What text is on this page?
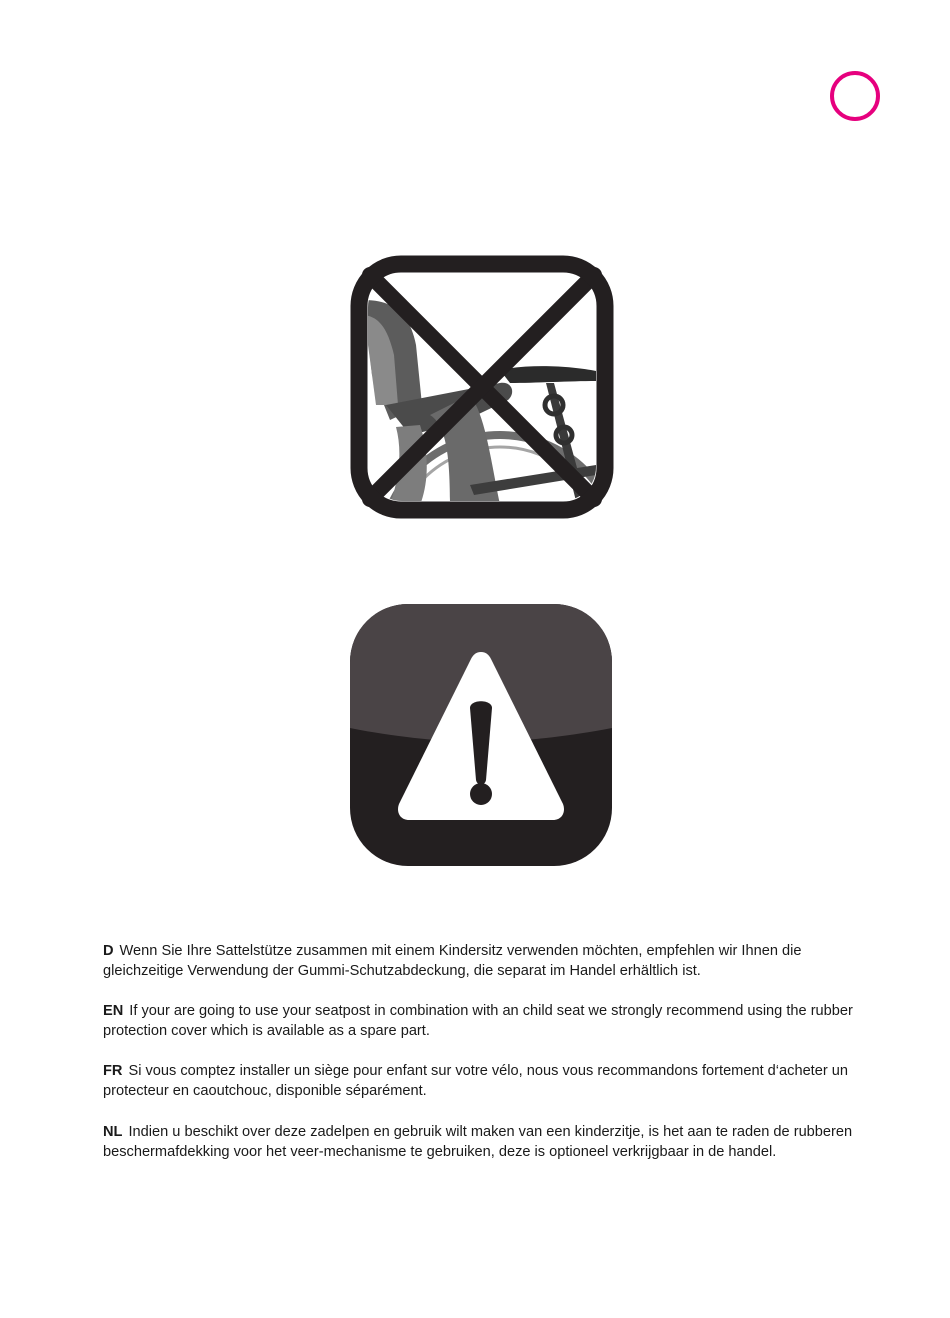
D Wenn Sie Ihre Sattelstütze zusammen mit einem Kindersitz verwenden möchten, empfehlen wir Ihnen die gleichzeitige Verwendung der Gummi-Schutzabdeckung, die separat im Handel erhältlich ist.
EN If your are going to use your seatpost in combination with an child seat we strongly recommend using the rubber protection cover which is available as a spare part.
FR Si vous comptez installer un siège pour enfant sur votre vélo, nous vous recommandons fortement d‘acheter un protecteur en caoutchouc, disponible séparément.
NL Indien u beschikt over deze zadelpen en gebruik wilt maken van een kinderzitje, is het aan te raden de rubberen beschermafdekking voor het veer-mechanisme te gebruiken, deze is optioneel verkrijgbaar in de handel.
